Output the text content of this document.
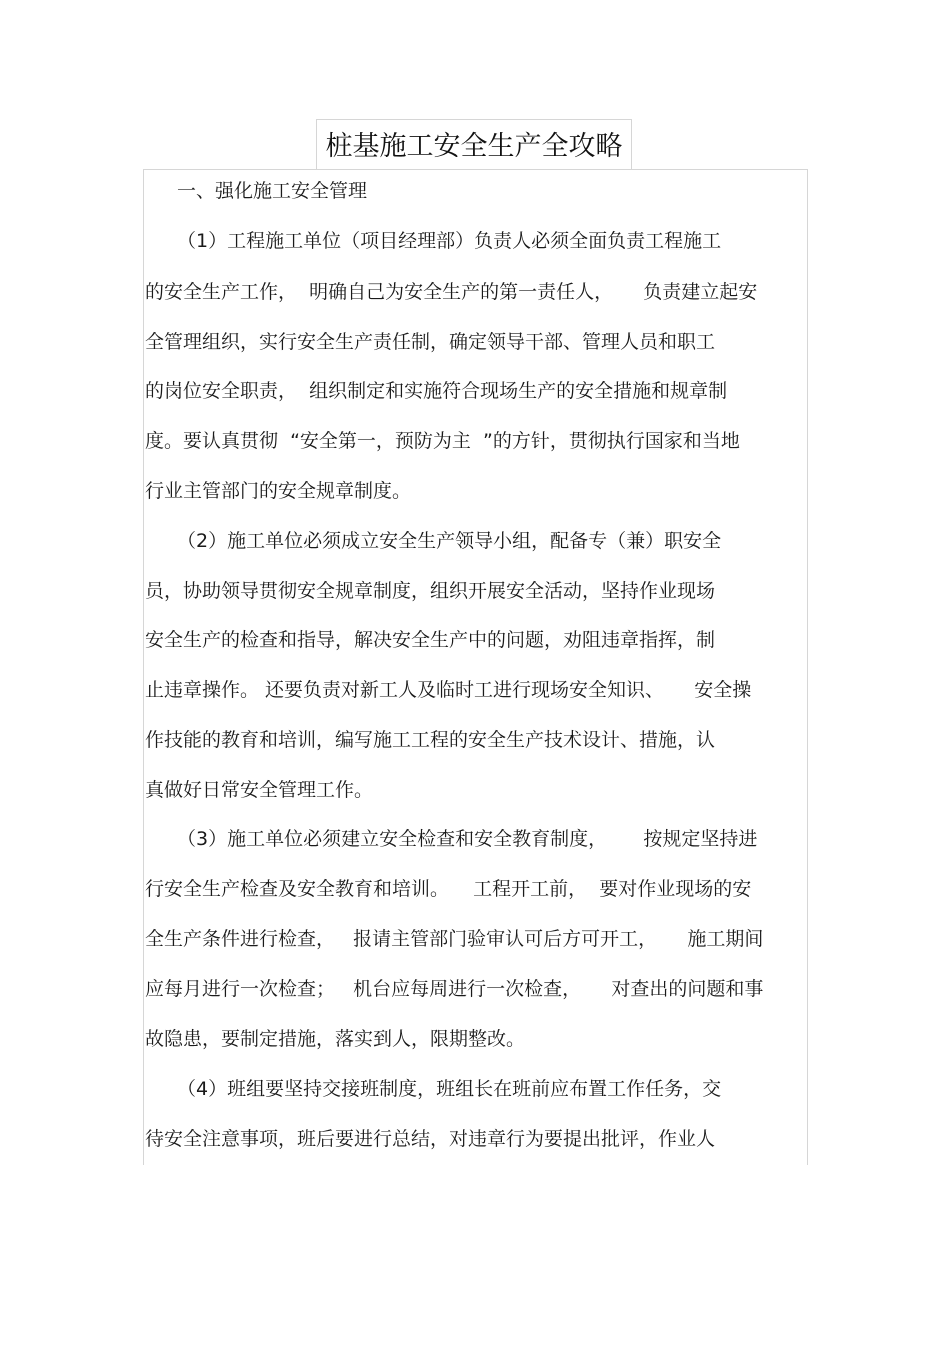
桩基施工安全生产全攻略
一、强化施工安全管理
（1）工程施工单位（项目经理部）负责人必须全面负责工程施工
的安全生产工作，  明确自己为安全生产的第一责任人，     负责建立起安
全管理组织，实行安全生产责任制，确定领导干部、管理人员和职工
的岗位安全职责，  组织制定和实施符合现场生产的安全措施和规章制
度。要认真贯彻  “安全第一，预防为主  ”的方针，贯彻执行国家和当地
行业主管部门的安全规章制度。
（2）施工单位必须成立安全生产领导小组，配备专（兼）职安全
员，协助领导贯彻安全规章制度，组织开展安全活动，坚持作业现场
安全生产的检查和指导，解决安全生产中的问题，劝阻违章指挥，制
止违章操作。 还要负责对新工人及临时工进行现场安全知识、     安全操
作技能的教育和培训，编写施工工程的安全生产技术设计、措施，认
真做好日常安全管理工作。
（3）施工单位必须建立安全检查和安全教育制度，      按规定坚持进
行安全生产检查及安全教育和培训。    工程开工前，  要对作业现场的安
全生产条件进行检查，   报请主管部门验审认可后方可开工，     施工期间
应每月进行一次检查；   机台应每周进行一次检查，     对查出的问题和事
故隐患，要制定措施，落实到人，限期整改。
（4）班组要坚持交接班制度，班组长在班前应布置工作任务，交
待安全注意事项，班后要进行总结，对违章行为要提出批评，作业人
